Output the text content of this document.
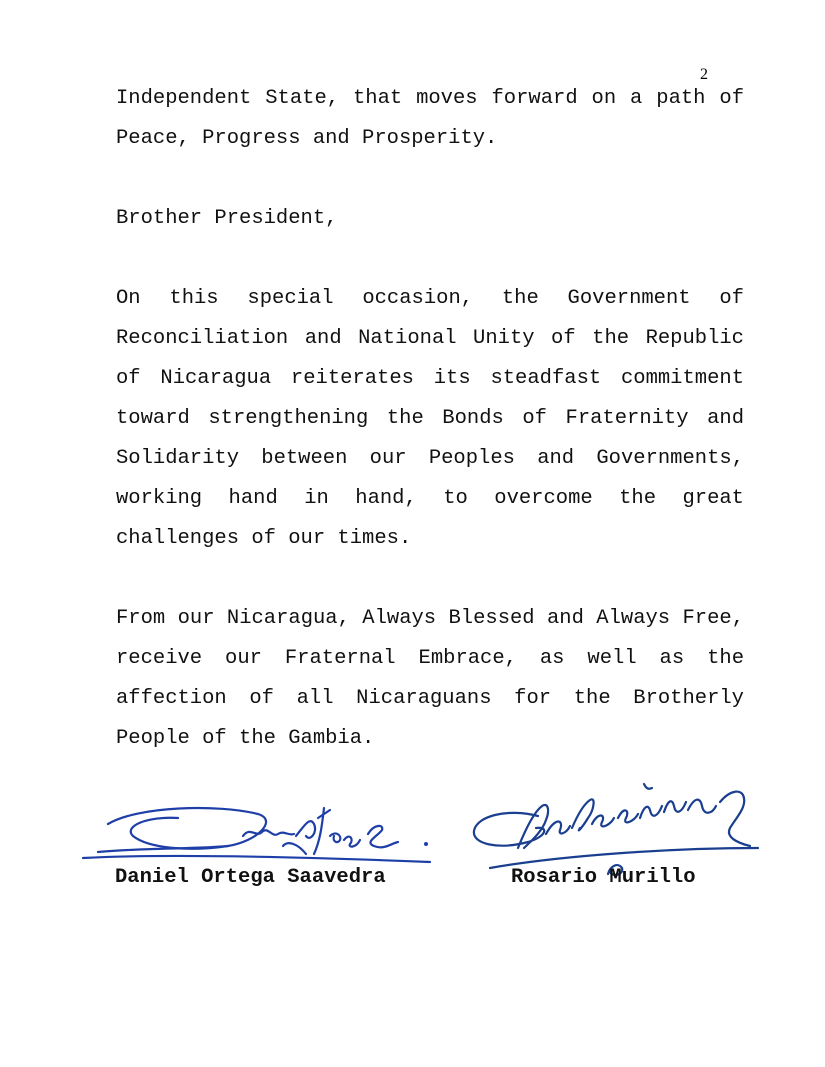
2

Independent State, that moves forward on a path of Peace, Progress and Prosperity.

Brother President,

On this special occasion, the Government of Reconciliation and National Unity of the Republic of Nicaragua reiterates its steadfast commitment toward strengthening the Bonds of Fraternity and Solidarity between our Peoples and Governments, working hand in hand, to overcome the great challenges of our times.

From our Nicaragua, Always Blessed and Always Free, receive our Fraternal Embrace, as well as the affection of all Nicaraguans for the Brotherly People of the Gambia.

Daniel Ortega Saavedra	Rosario Murillo
